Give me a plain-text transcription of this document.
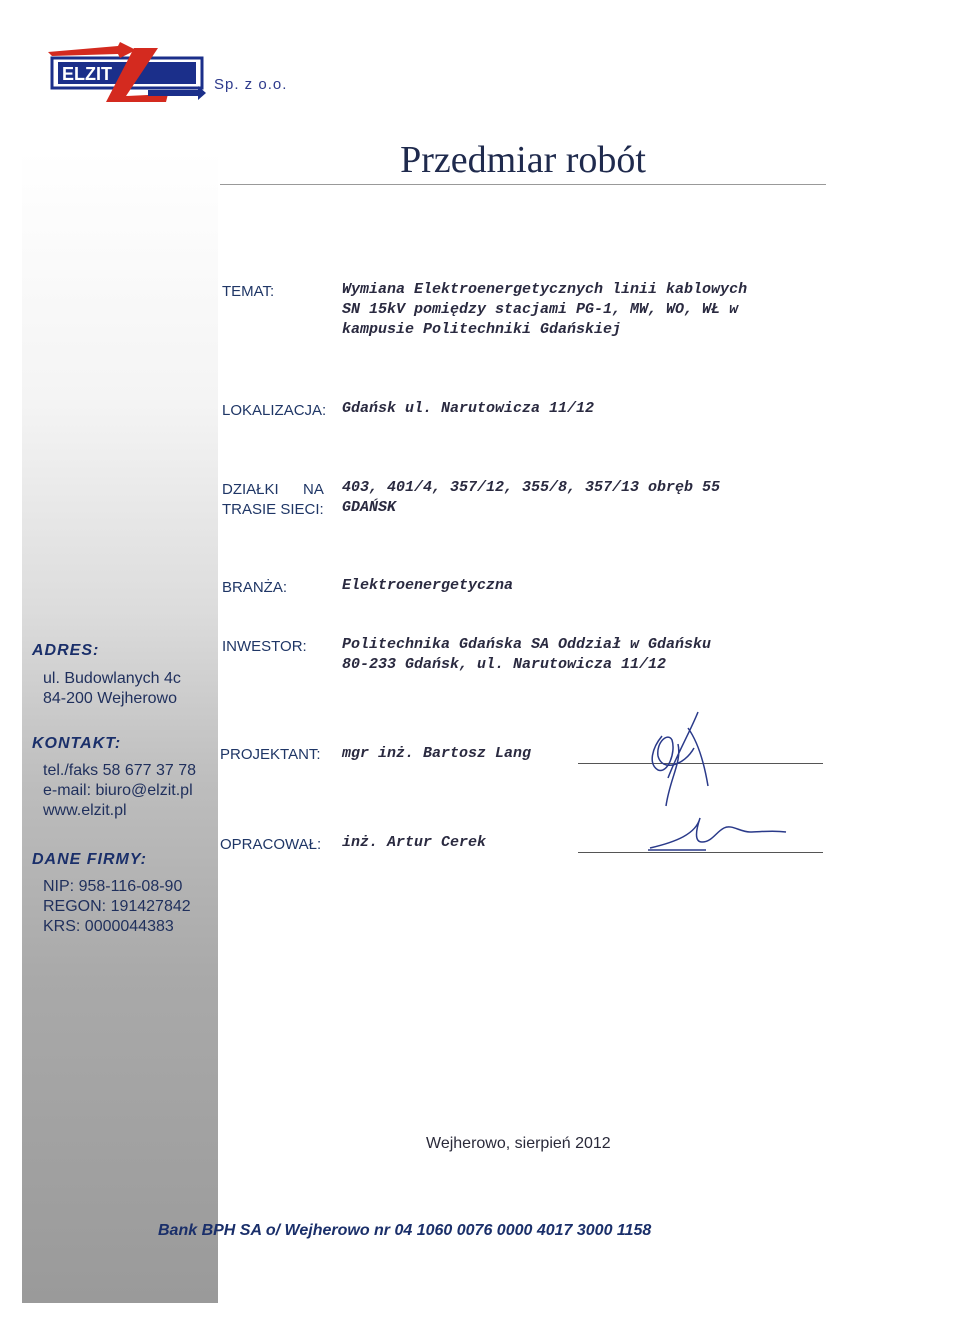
ELZIT
Sp. z o.o.
Przedmiar robót
TEMAT:	Wymiana Elektroenergetycznych linii kablowych
SN 15kV pomiędzy stacjami PG-1, MW, WO, WŁ w
kampusie Politechniki Gdańskiej
LOKALIZACJA: Gdańsk ul. Narutowicza 11/12
DZIAŁKI NA
TRASIE SIECI:
403, 401/4, 357/12, 355/8, 357/13 obręb 55
GDAŃSK
BRANŻA:	Elektroenergetyczna
INWESTOR: Politechnika Gdańska SA Oddział w Gdańsku
80-233 Gdańsk, ul. Narutowicza 11/12
PROJEKTANT: mgr inż. Bartosz Lang
OPRACOWAŁ: inż. Artur Cerek
ADRES:
ul. Budowlanych 4c
84-200 Wejherowo
KONTAKT:
tel./faks 58 677 37 78
e-mail: biuro@elzit.pl
www.elzit.pl
DANE FIRMY:
NIP: 958-116-08-90
REGON: 191427842
KRS: 0000044383
Wejherowo, sierpień 2012
Bank BPH SA o/ Wejherowo nr 04 1060 0076 0000 4017 3000 1158
